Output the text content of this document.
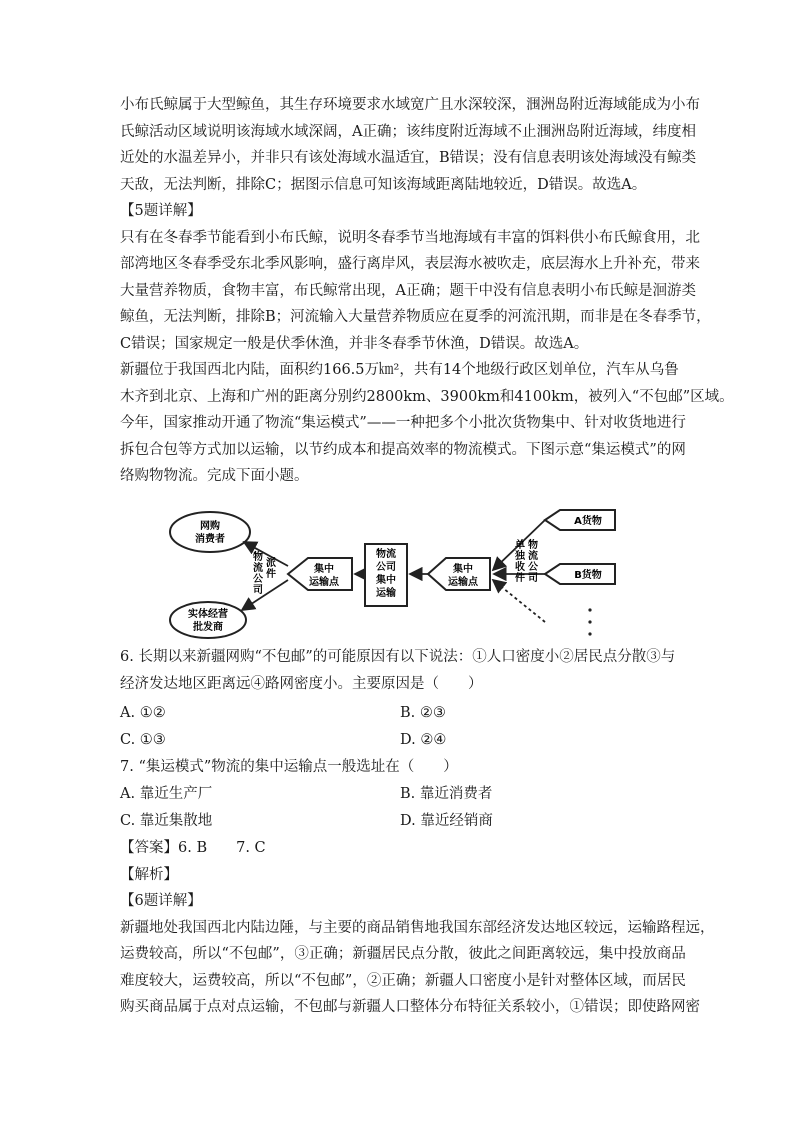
小布氏鲸属于大型鲸鱼，其生存环境要求水域宽广且水深较深，涠洲岛附近海域能成为小布
氏鲸活动区域说明该海域水域深阔，A正确；该纬度附近海域不止涠洲岛附近海域，纬度相
近处的水温差异小，并非只有该处海域水温适宜，B错误；没有信息表明该处海域没有鲸类
天敌，无法判断，排除C；据图示信息可知该海域距离陆地较近，D错误。故选A。
【5题详解】
只有在冬春季节能看到小布氏鲸，说明冬春季节当地海域有丰富的饵料供小布氏鲸食用，北
部湾地区冬春季受东北季风影响，盛行离岸风，表层海水被吹走，底层海水上升补充，带来
大量营养物质，食物丰富，布氏鲸常出现，A正确；题干中没有信息表明小布氏鲸是洄游类
鲸鱼，无法判断，排除B；河流输入大量营养物质应在夏季的河流汛期，而非是在冬春季节，
C错误；国家规定一般是伏季休渔，并非冬春季节休渔，D错误。故选A。
新疆位于我国西北内陆，面积约166.5万㎞²，共有14个地级行政区划单位，汽车从乌鲁
木齐到北京、上海和广州的距离分别约2800km、3900km和4100km，被列入“不包邮”区域。
今年，国家推动开通了物流“集运模式”——一种把多个小批次货物集中、针对收货地进行
拆包合包等方式加以运输，以节约成本和提高效率的物流模式。下图示意“集运模式”的网
络购物物流。完成下面小题。
网购
消费者
实体经营
批发商
物
流
公
司
派
件	集中
运输点
物流
公司
集中
运输
集中
运输点
A货物
B货物
单
独
收
件
物
流
公
司
6. 长期以来新疆网购“不包邮”的可能原因有以下说法：①人口密度小②居民点分散③与
经济发达地区距离远④路网密度小。主要原因是（　　）
A. ①②	B. ②③
C. ①③	D. ②④
7. “集运模式”物流的集中运输点一般选址在（　　）
A. 靠近生产厂	B. 靠近消费者
C. 靠近集散地	D. 靠近经销商
【答案】6. B　　7. C
【解析】
【6题详解】
新疆地处我国西北内陆边陲，与主要的商品销售地我国东部经济发达地区较远，运输路程远，
运费较高，所以“不包邮”，③正确；新疆居民点分散，彼此之间距离较远，集中投放商品
难度较大，运费较高，所以“不包邮”，②正确；新疆人口密度小是针对整体区域，而居民
购买商品属于点对点运输，不包邮与新疆人口整体分布特征关系较小，①错误；即使路网密
